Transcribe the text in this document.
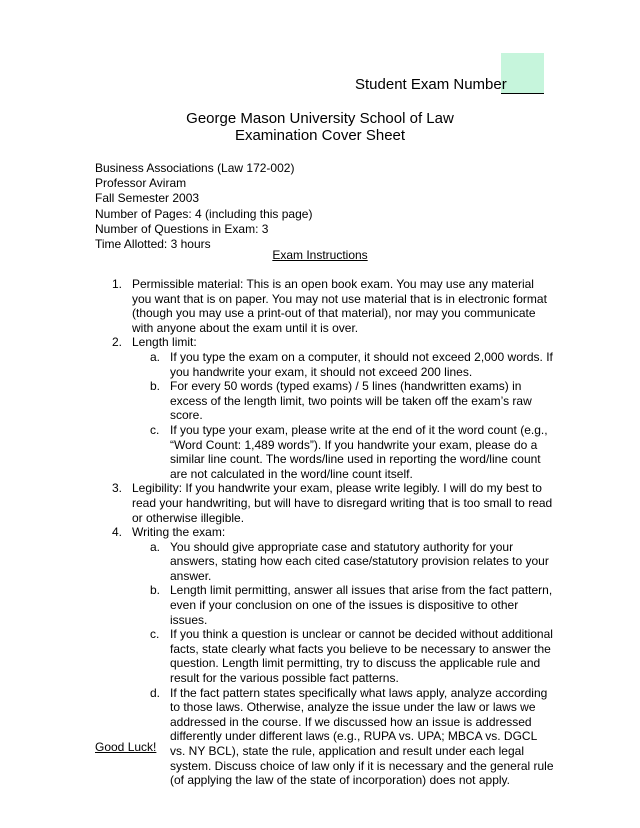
Student Exam Number
George Mason University School of Law
Examination Cover Sheet
Business Associations (Law 172-002)
Professor Aviram
Fall Semester 2003
Number of Pages: 4 (including this page)
Number of Questions in Exam: 3
Time Allotted: 3 hours
Exam Instructions
1. Permissible material: This is an open book exam. You may use any material you want that is on paper. You may not use material that is in electronic format (though you may use a print-out of that material), nor may you communicate with anyone about the exam until it is over.
2. Length limit:
a. If you type the exam on a computer, it should not exceed 2,000 words. If you handwrite your exam, it should not exceed 200 lines.
b. For every 50 words (typed exams) / 5 lines (handwritten exams) in excess of the length limit, two points will be taken off the exam’s raw score.
c. If you type your exam, please write at the end of it the word count (e.g., “Word Count: 1,489 words”). If you handwrite your exam, please do a similar line count. The words/line used in reporting the word/line count are not calculated in the word/line count itself.
3. Legibility: If you handwrite your exam, please write legibly. I will do my best to read your handwriting, but will have to disregard writing that is too small to read or otherwise illegible.
4. Writing the exam:
a. You should give appropriate case and statutory authority for your answers, stating how each cited case/statutory provision relates to your answer.
b. Length limit permitting, answer all issues that arise from the fact pattern, even if your conclusion on one of the issues is dispositive to other issues.
c. If you think a question is unclear or cannot be decided without additional facts, state clearly what facts you believe to be necessary to answer the question. Length limit permitting, try to discuss the applicable rule and result for the various possible fact patterns.
d. If the fact pattern states specifically what laws apply, analyze according to those laws. Otherwise, analyze the issue under the law or laws we addressed in the course. If we discussed how an issue is addressed differently under different laws (e.g., RUPA vs. UPA; MBCA vs. DGCL vs. NY BCL), state the rule, application and result under each legal system. Discuss choice of law only if it is necessary and the general rule (of applying the law of the state of incorporation) does not apply.
Good Luck!
